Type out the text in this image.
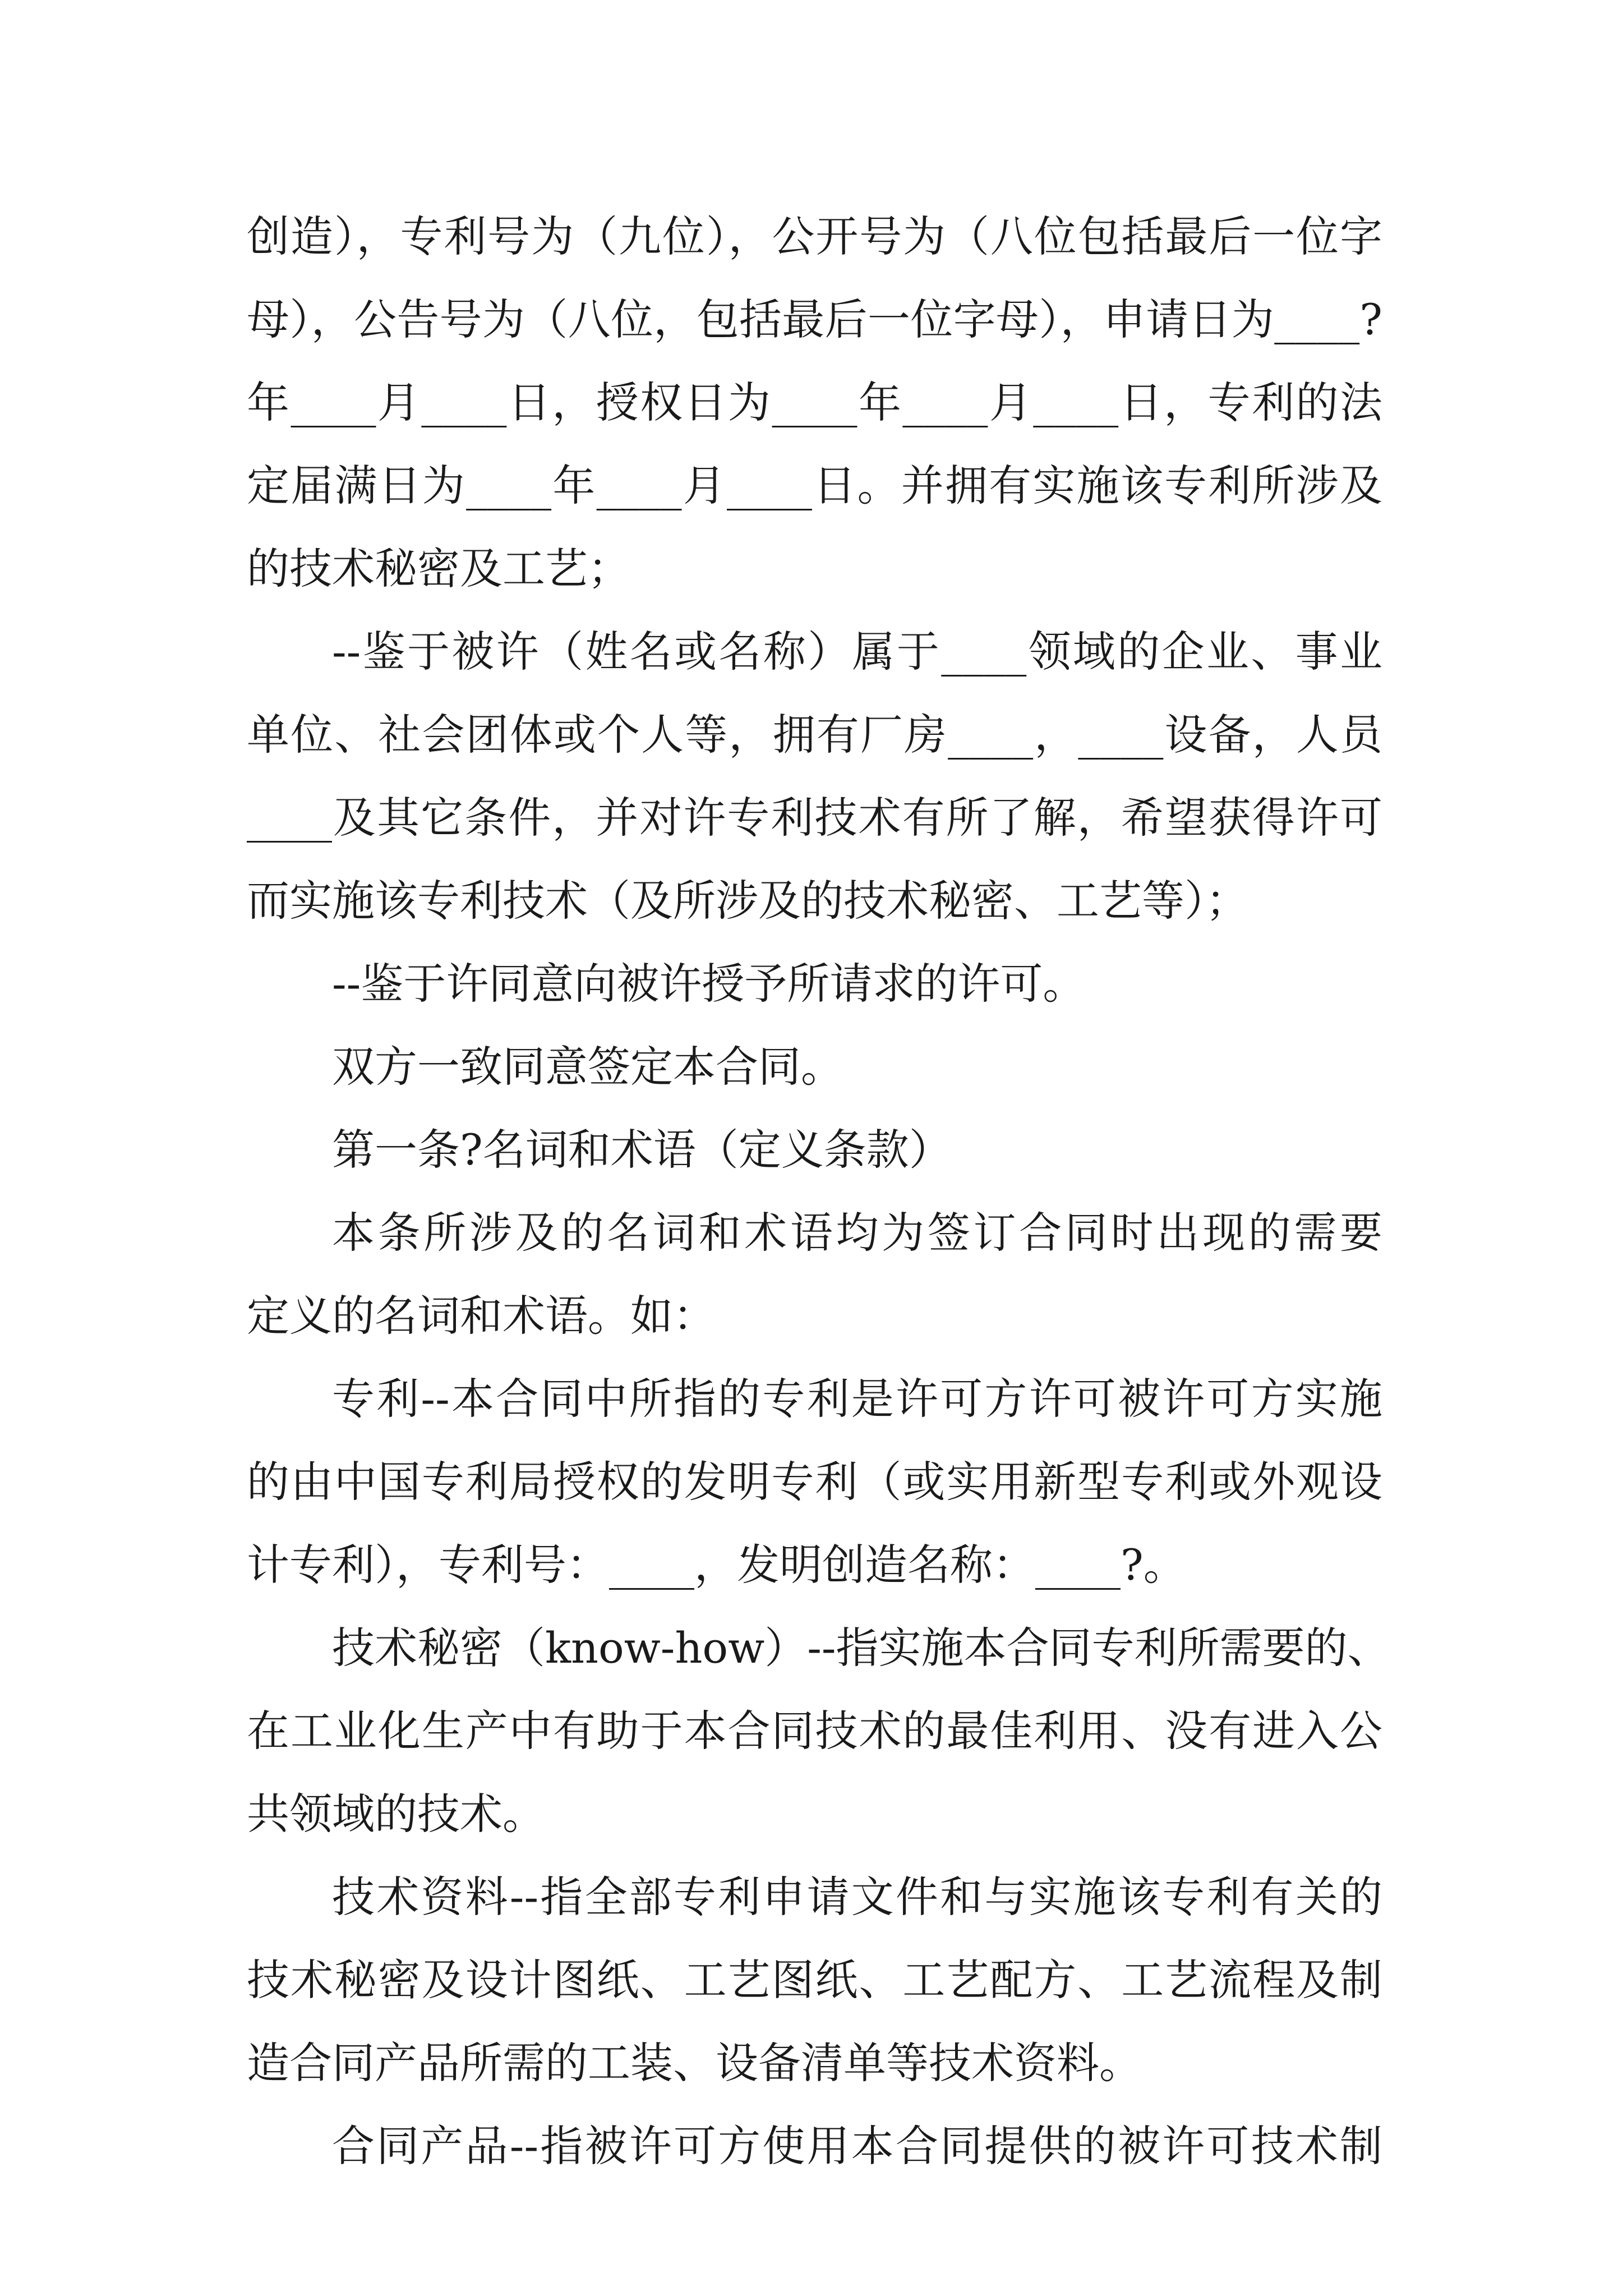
创造），专利号为（九位），公开号为（八位包括最后一位字
母），公告号为（八位，包括最后一位字母），申请日为____?
年____月____日，授权日为____年____月____日，专利的法
定届满日为____年____月____日。并拥有实施该专利所涉及
的技术秘密及工艺；
--鉴于被许（姓名或名称）属于____领域的企业、事业
单位、社会团体或个人等，拥有厂房____，____设备，人员
____及其它条件，并对许专利技术有所了解，希望获得许可
而实施该专利技术（及所涉及的技术秘密、工艺等）；
--鉴于许同意向被许授予所请求的许可。
双方一致同意签定本合同。
第一条?名词和术语（定义条款）
本条所涉及的名词和术语均为签订合同时出现的需要
定义的名词和术语。如：
专利--本合同中所指的专利是许可方许可被许可方实施
的由中国专利局授权的发明专利（或实用新型专利或外观设
计专利），专利号：____，发明创造名称：____?。
技术秘密（know-how）--指实施本合同专利所需要的、
在工业化生产中有助于本合同技术的最佳利用、没有进入公
共领域的技术。
技术资料--指全部专利申请文件和与实施该专利有关的
技术秘密及设计图纸、工艺图纸、工艺配方、工艺流程及制
造合同产品所需的工装、设备清单等技术资料。
合同产品--指被许可方使用本合同提供的被许可技术制
